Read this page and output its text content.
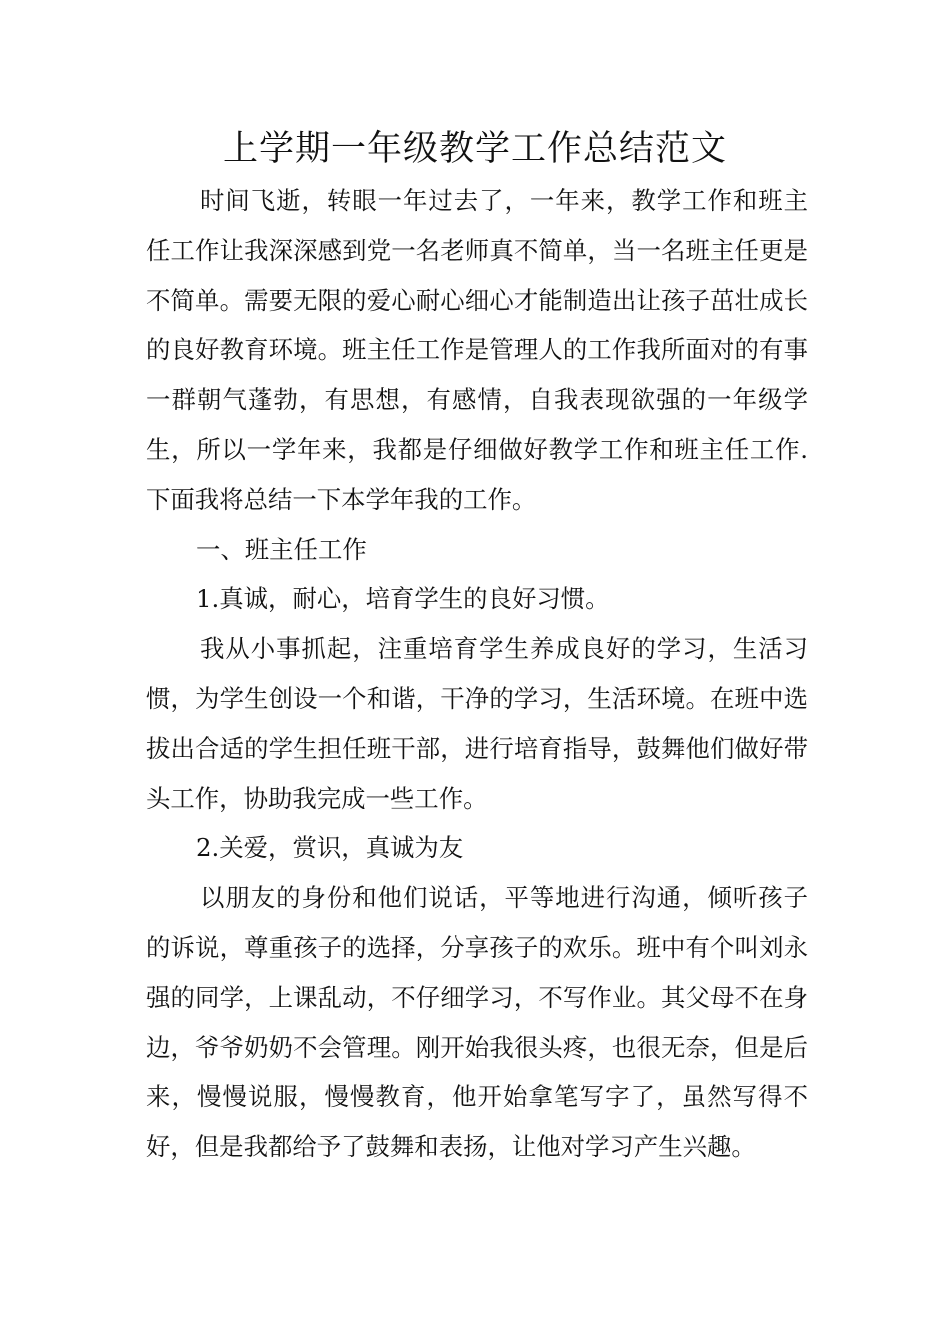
上学期一年级教学工作总结范文

时间飞逝，转眼一年过去了，一年来，教学工作和班主任工作让我深深感到党一名老师真不简单，当一名班主任更是不简单。需要无限的爱心耐心细心才能制造出让孩子茁壮成长的良好教育环境。班主任工作是管理人的工作我所面对的有事一群朝气蓬勃，有思想，有感情，自我表现欲强的一年级学生，所以一学年来，我都是仔细做好教学工作和班主任工作.下面我将总结一下本学年我的工作。

一、班主任工作

1.真诚，耐心，培育学生的良好习惯。

我从小事抓起，注重培育学生养成良好的学习，生活习惯，为学生创设一个和谐，干净的学习，生活环境。在班中选拔出合适的学生担任班干部，进行培育指导，鼓舞他们做好带头工作，协助我完成一些工作。

2.关爱，赏识，真诚为友

以朋友的身份和他们说话，平等地进行沟通，倾听孩子的诉说，尊重孩子的选择，分享孩子的欢乐。班中有个叫刘永强的同学，上课乱动，不仔细学习，不写作业。其父母不在身边，爷爷奶奶不会管理。刚开始我很头疼，也很无奈，但是后来，慢慢说服，慢慢教育，他开始拿笔写字了，虽然写得不好，但是我都给予了鼓舞和表扬，让他对学习产生兴趣。
